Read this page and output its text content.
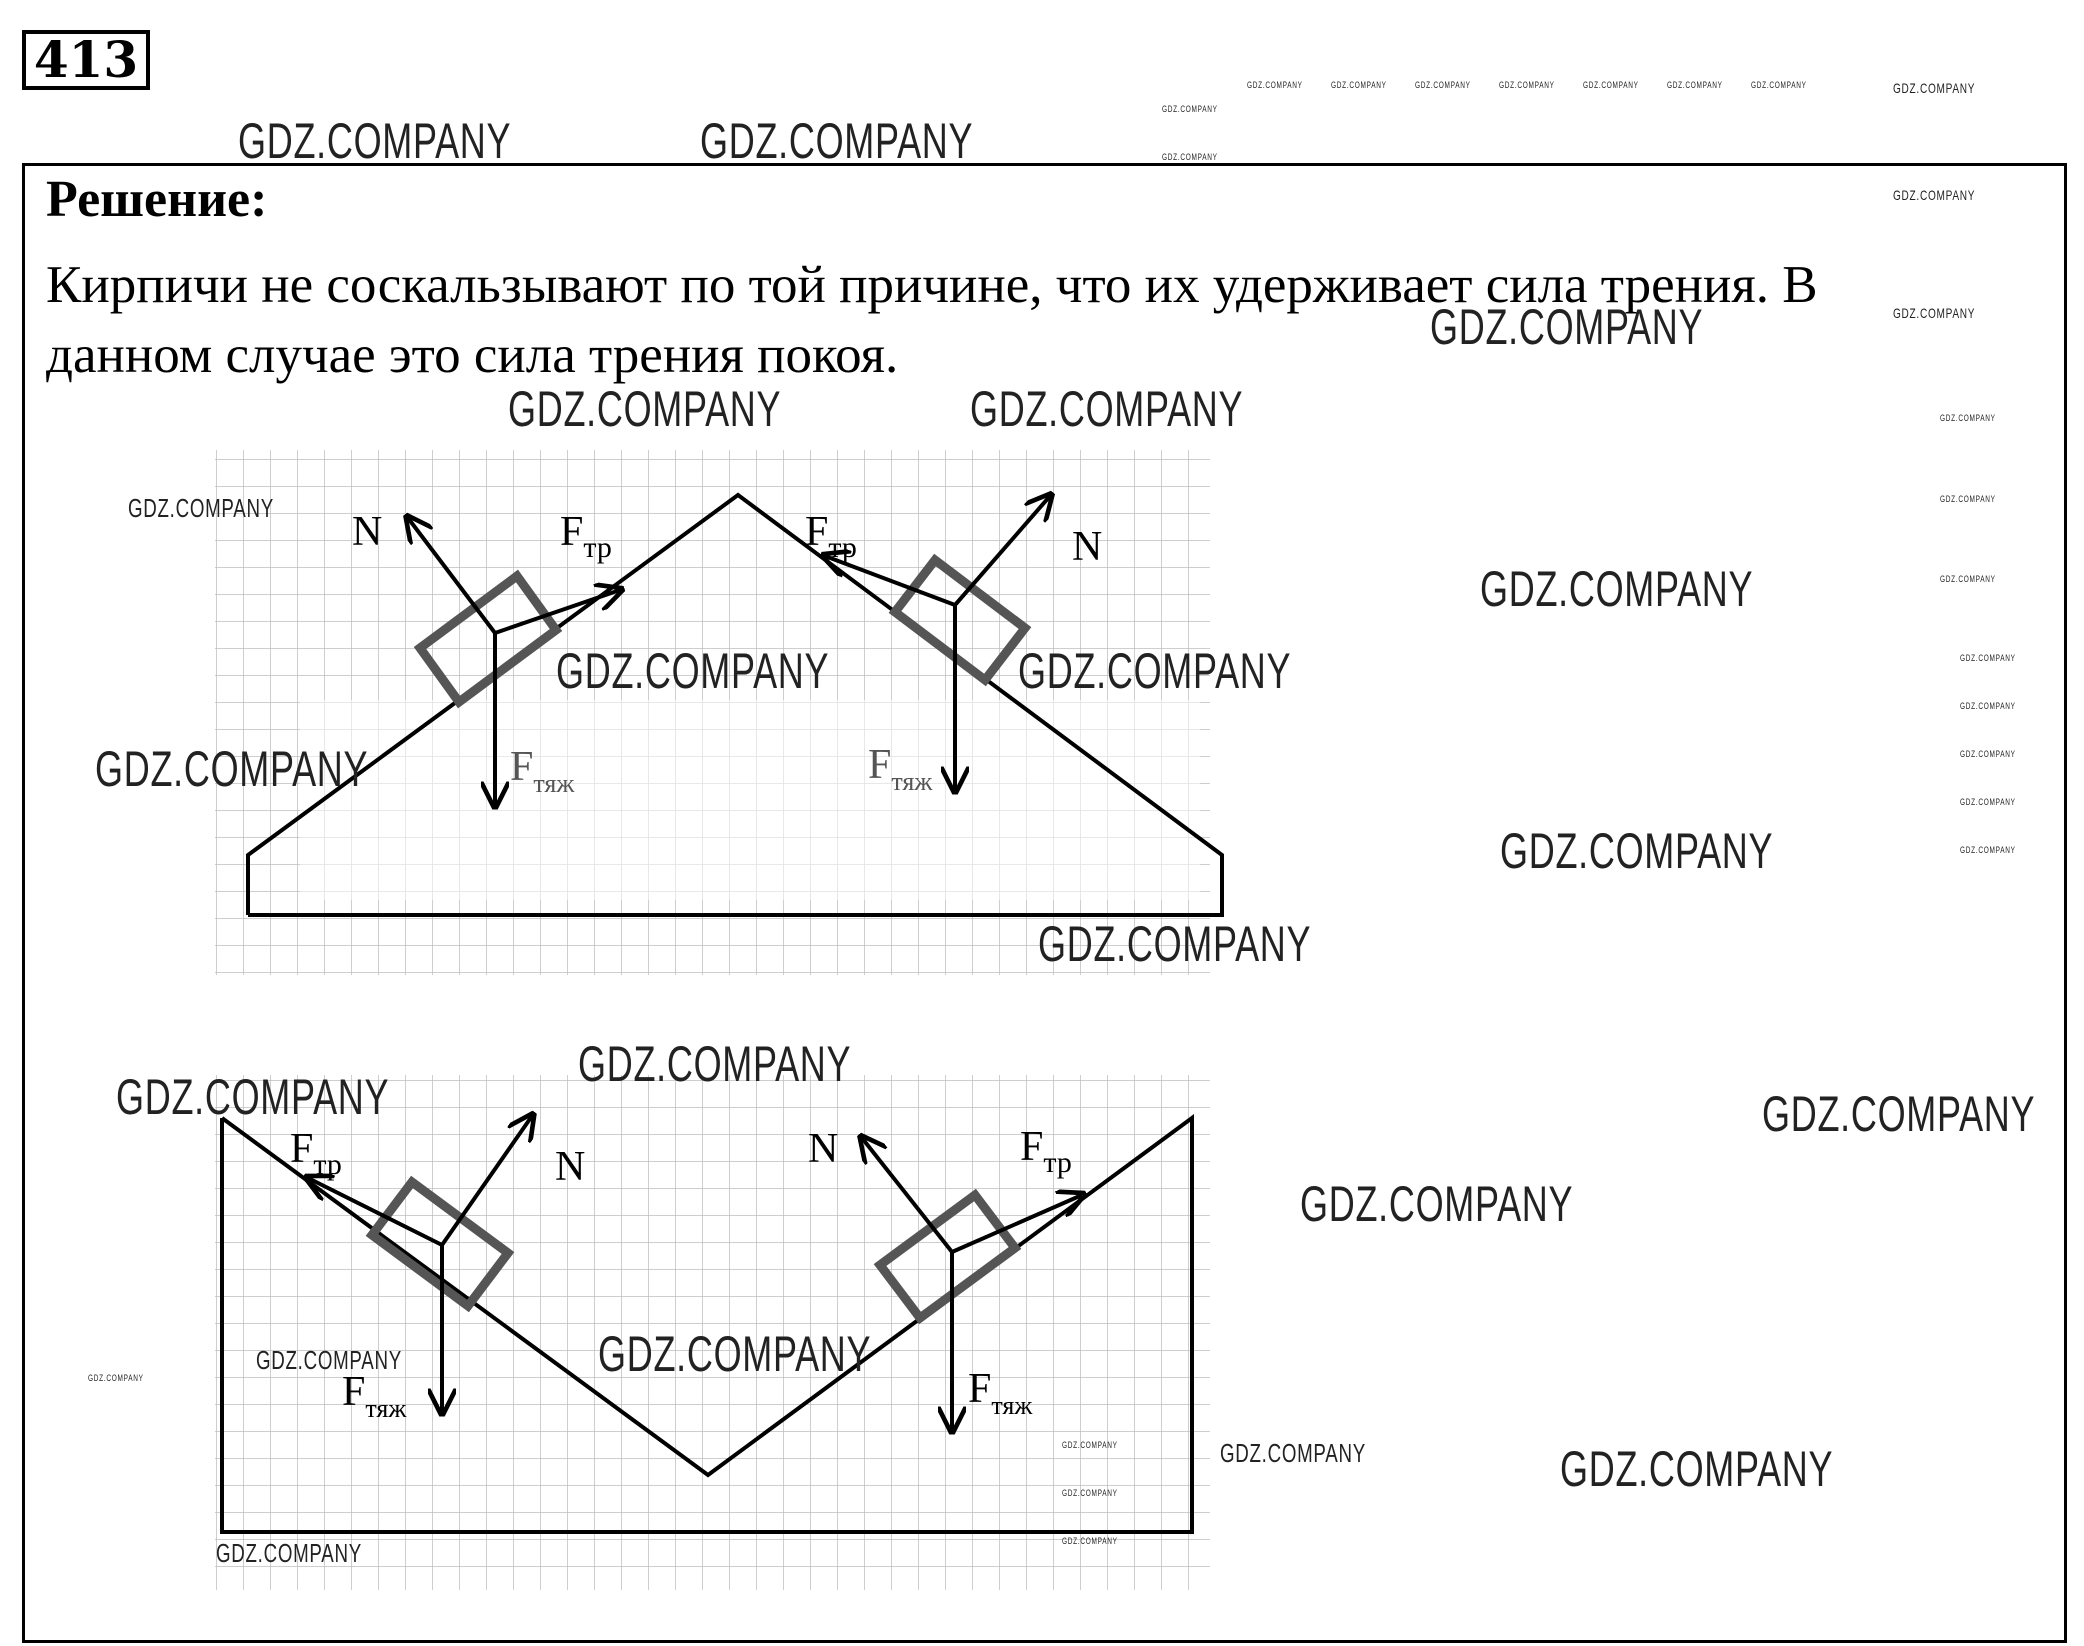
413
Решение:
Кирпичи не соскальзывают по той причине, что их удерживает сила трения. В
данном случае это сила трения покоя.
N	$F_{тр}$
$F_{тяж}$
N
$F_{тр}$
$F_{тяж}$
N
$F_{тр}$
$F_{тяж}$
N	$F_{тр}$
$F_{тяж}$
GDZ.COMPANY	GDZ.COMPANY
GDZ.COMPANY
GDZ.COMPANY	GDZ.COMPANY
GDZ.COMPANY
GDZ.COMPANY	GDZ.COMPANY
GDZ.COMPANY
GDZ.COMPANY
GDZ.COMPANY
GDZ.COMPANY
GDZ.COMPANY	GDZ.COMPANY
GDZ.COMPANY
GDZ.COMPANY
GDZ.COMPANY
GDZ.COMPANY
GDZ.COMPANY
GDZ.COMPANY
GDZ.COMPANY
GDZ.COMPANY
GDZ.COMPANY
GDZ.COMPANY
GDZ.COMPANY
GDZ.COMPANY
GDZ.COMPANY
GDZ.COMPANY
GDZ.COMPANY
GDZ.COMPANY
GDZ.COMPANY
GDZ.COMPANY
GDZ.COMPANY
GDZ.COMPANY
GDZ.COMPANY	GDZ.COMPANY	GDZ.COMPANY	GDZ.COMPANY	GDZ.COMPANY	GDZ.COMPANY	GDZ.COMPANY
GDZ.COMPANY
GDZ.COMPANY
GDZ.COMPANY
GDZ.COMPANY
